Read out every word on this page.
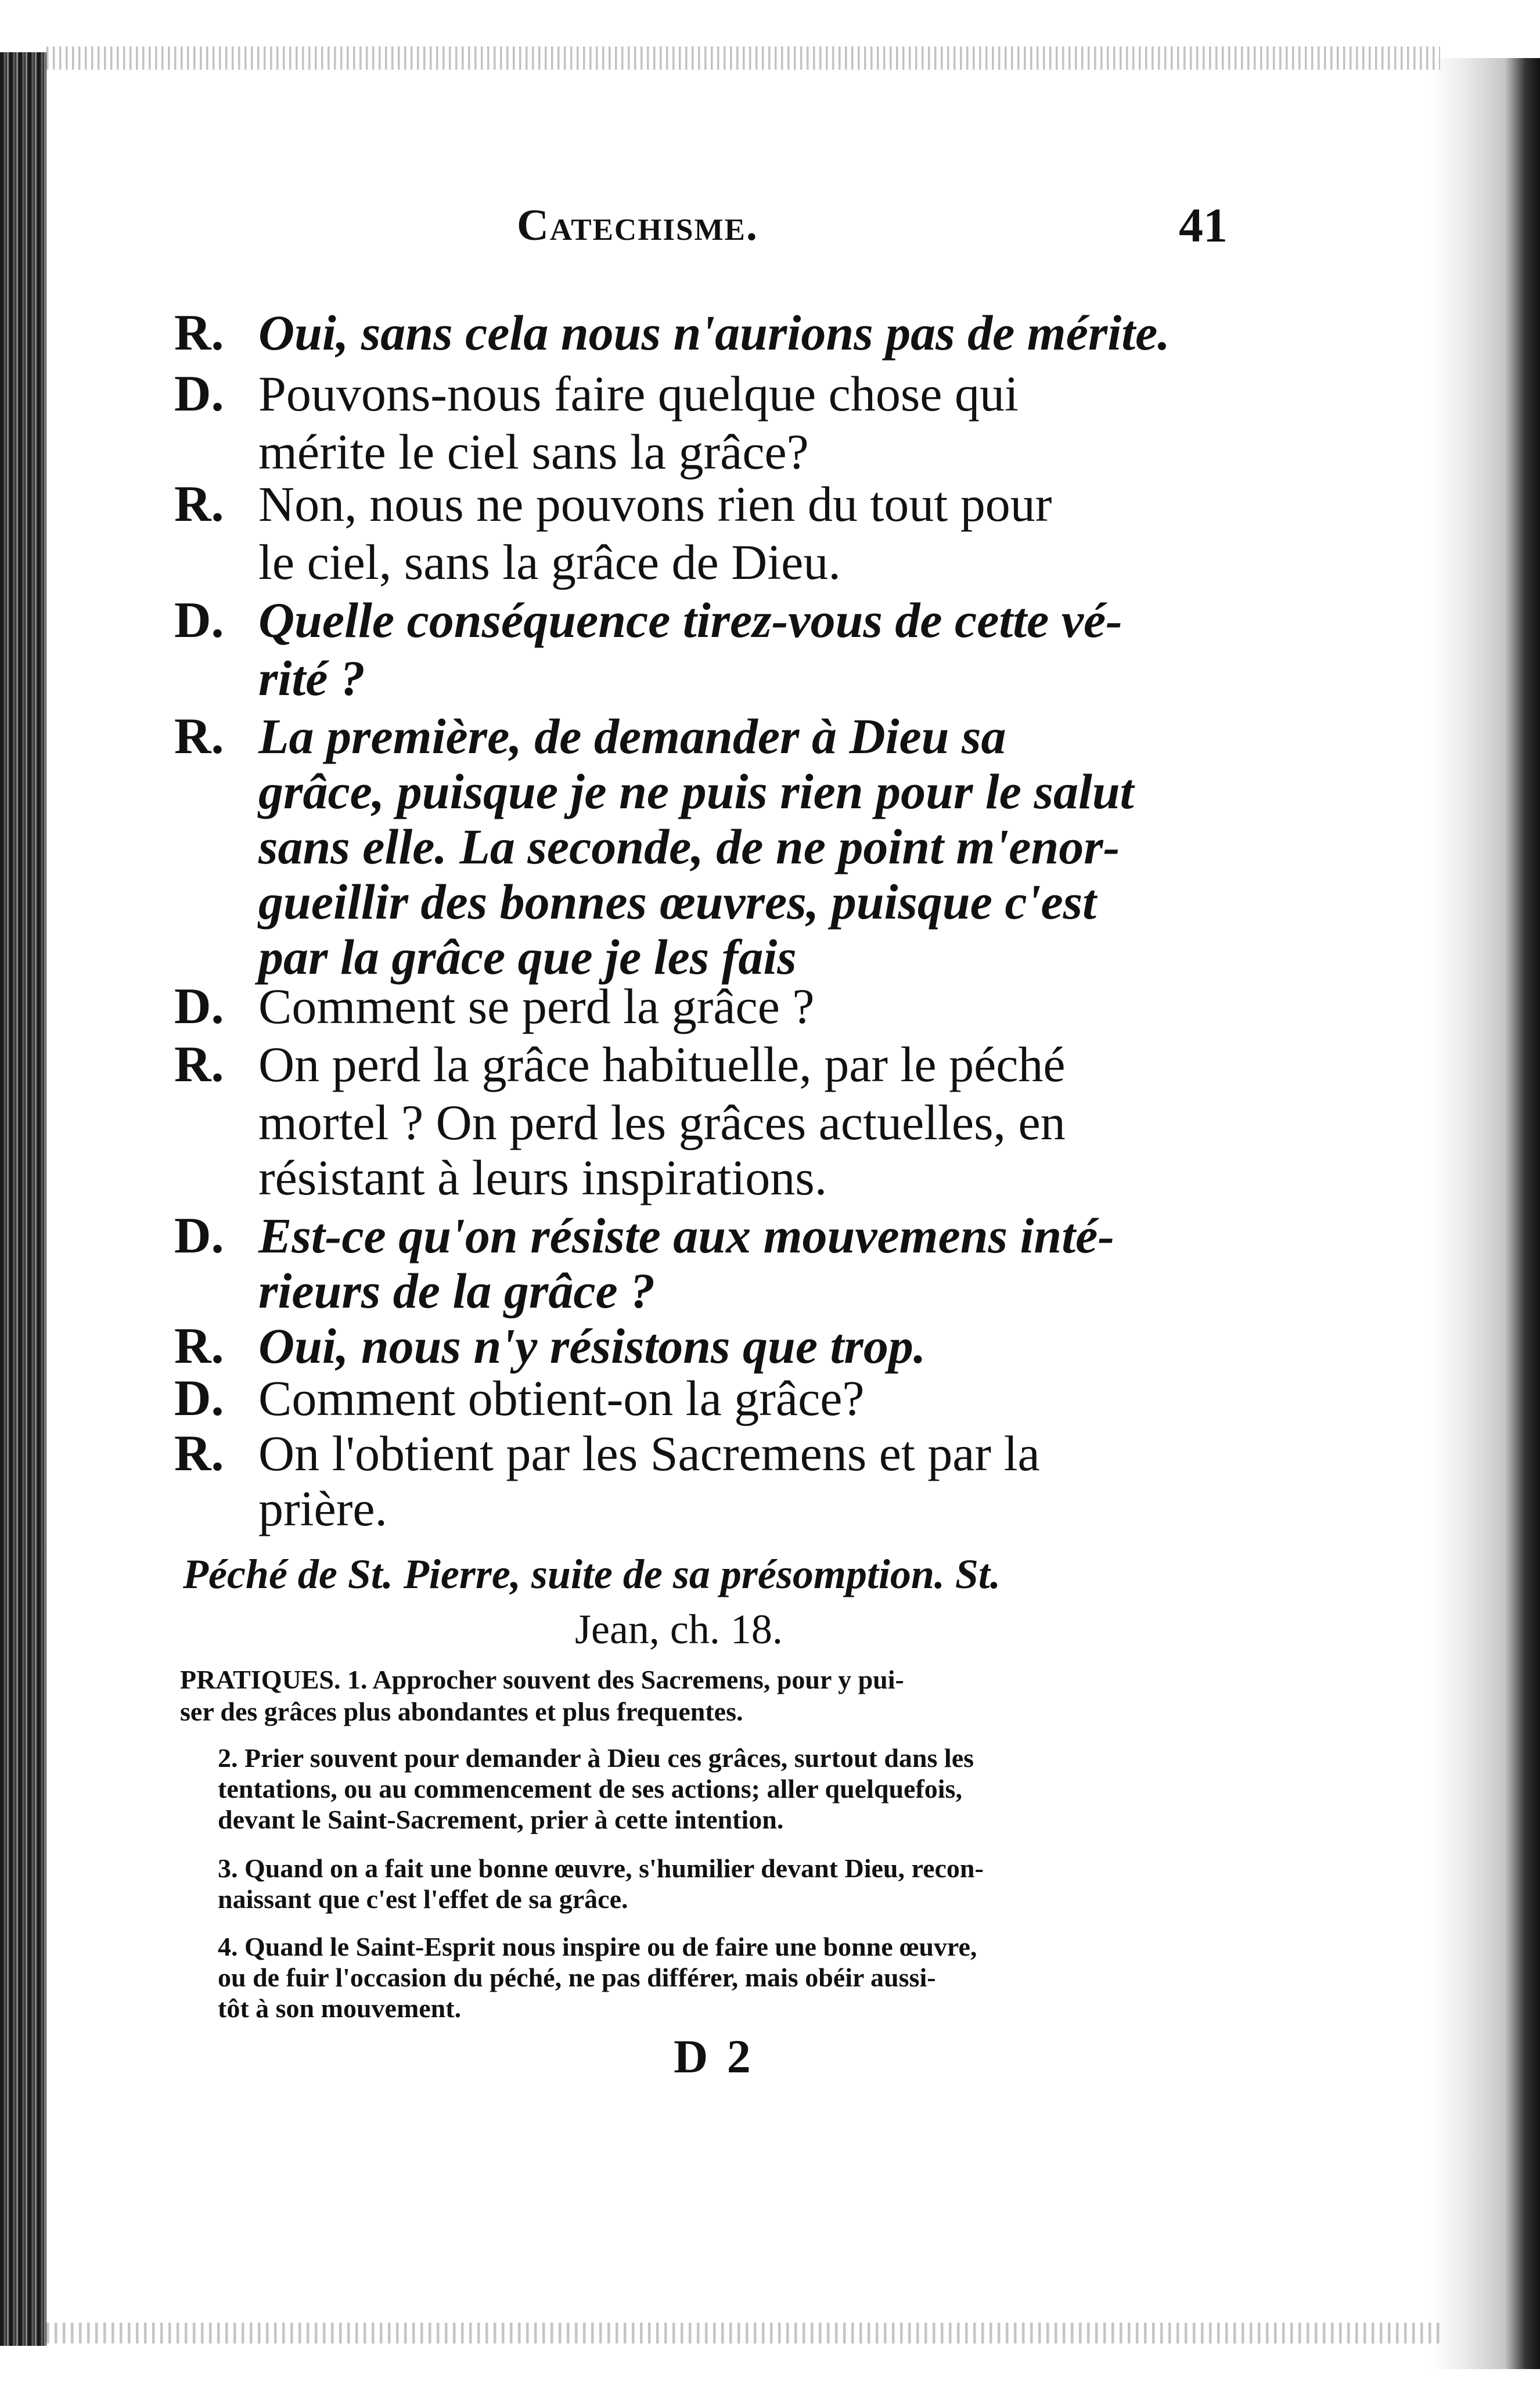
Catechisme.	41
R. Oui, sans cela nous n'aurions pas de mérite.
D. Pouvons-nous faire quelque chose qui
mérite le ciel sans la grâce?
R. Non, nous ne pouvons rien du tout pour
le ciel, sans la grâce de Dieu.
D. Quelle conséquence tirez-vous de cette vé-
rité ?
R. La première, de demander à Dieu sa
grâce, puisque je ne puis rien pour le salut
sans elle. La seconde, de ne point m'enor-
gueillir des bonnes œuvres, puisque c'est
par la grâce que je les fais
D. Comment se perd la grâce ?
R. On perd la grâce habituelle, par le péché
mortel ? On perd les grâces actuelles, en
résistant à leurs inspirations.
D. Est-ce qu'on résiste aux mouvemens inté-
rieurs de la grâce ?
R. Oui, nous n'y résistons que trop.
D. Comment obtient-on la grâce?
R. On l'obtient par les Sacremens et par la
prière.
Péché de St. Pierre, suite de sa présomption. St.
Jean, ch. 18.
PRATIQUES. 1. Approcher souvent des Sacremens, pour y pui-
ser des grâces plus abondantes et plus frequentes.
2. Prier souvent pour demander à Dieu ces grâces, surtout dans les
tentations, ou au commencement de ses actions; aller quelquefois,
devant le Saint-Sacrement, prier à cette intention.
3. Quand on a fait une bonne œuvre, s'humilier devant Dieu, recon-
naissant que c'est l'effet de sa grâce.
4. Quand le Saint-Esprit nous inspire ou de faire une bonne œuvre,
ou de fuir l'occasion du péché, ne pas différer, mais obéir aussi-
tôt à son mouvement.
D 2
